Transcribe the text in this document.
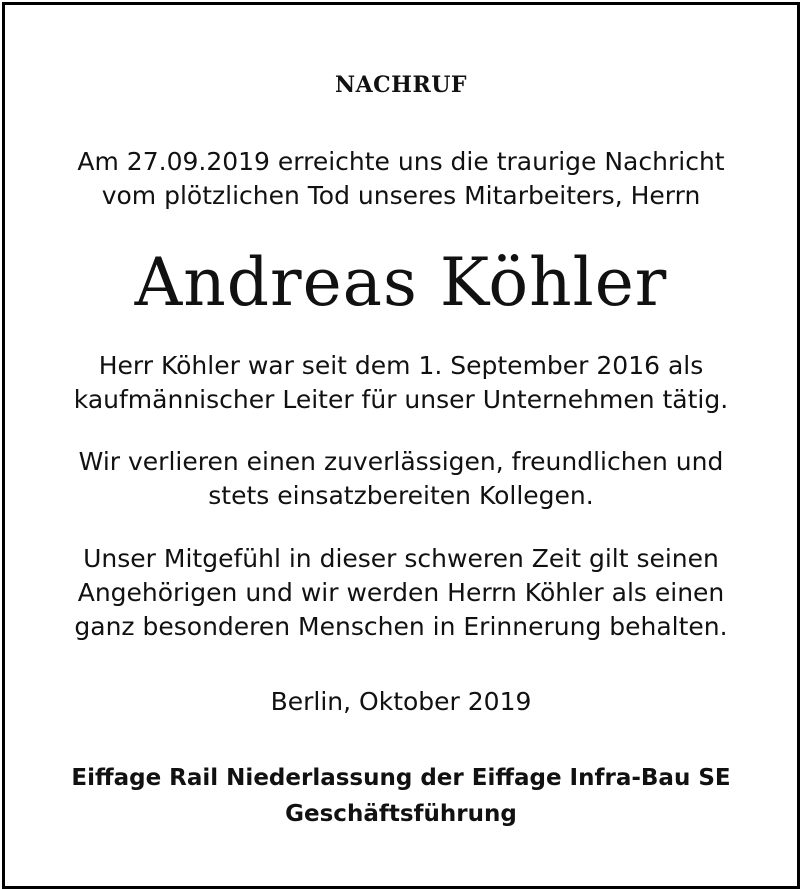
NACHRUF
Am 27.09.2019 erreichte uns die traurige Nachricht
vom plötzlichen Tod unseres Mitarbeiters, Herrn
Andreas Köhler
Herr Köhler war seit dem 1. September 2016 als
kaufmännischer Leiter für unser Unternehmen tätig.
Wir verlieren einen zuverlässigen, freundlichen und
stets einsatzbereiten Kollegen.
Unser Mitgefühl in dieser schweren Zeit gilt seinen
Angehörigen und wir werden Herrn Köhler als einen
ganz besonderen Menschen in Erinnerung behalten.
Berlin, Oktober 2019
Eiffage Rail Niederlassung der Eiffage Infra-Bau SE
Geschäftsführung
